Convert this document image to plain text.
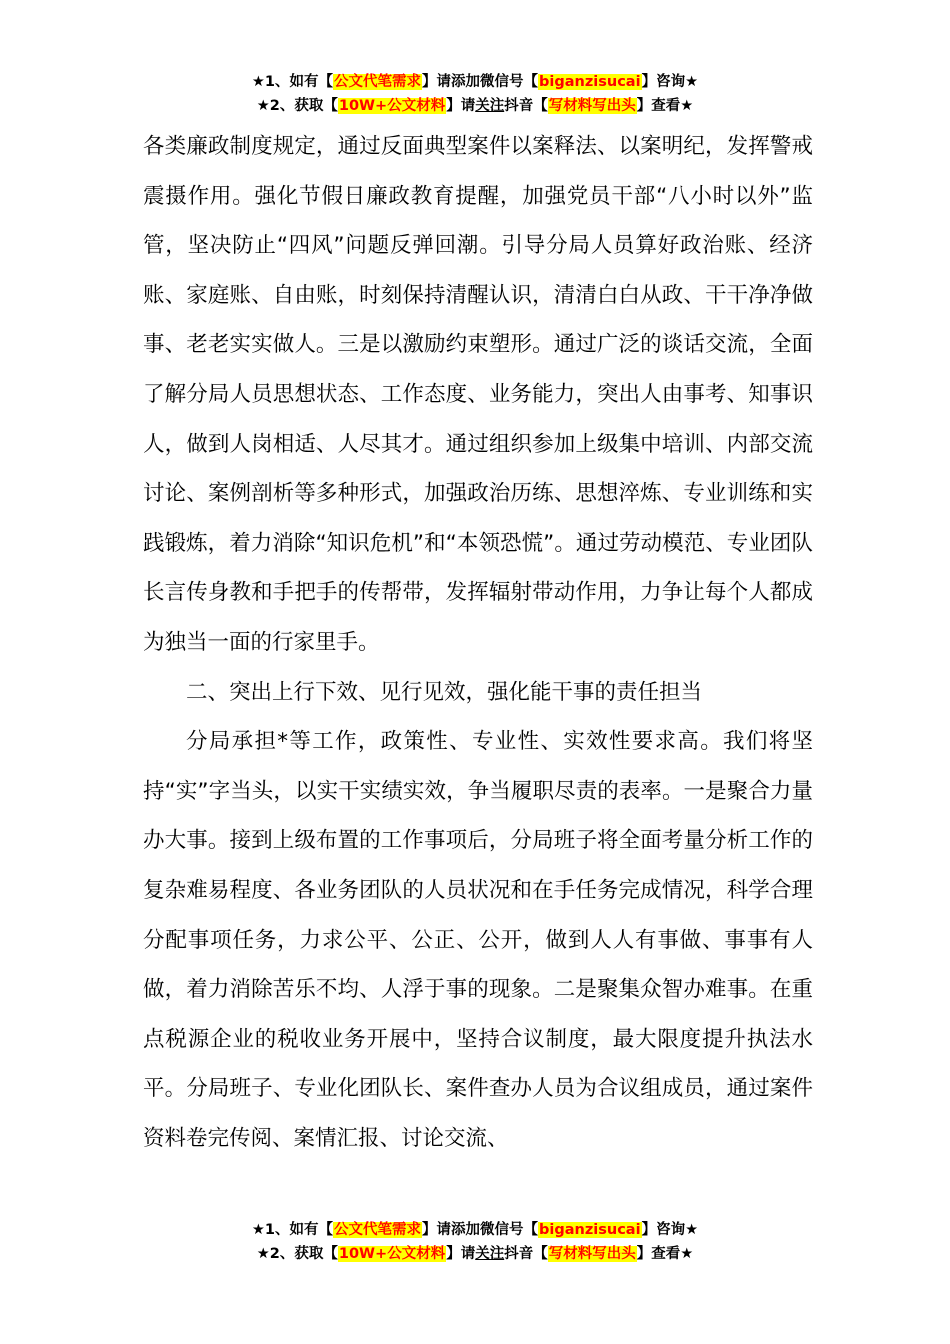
★1、如有【公文代笔需求】请添加微信号【biganzisucai】咨询★
★2、获取【10W+公文材料】请关注抖音【写材料写出头】查看★

各类廉政制度规定，通过反面典型案件以案释法、以案明纪，发挥警戒震摄作用。强化节假日廉政教育提醒，加强党员干部“八小时以外”监管，坚决防止“四风”问题反弹回潮。引导分局人员算好政治账、经济账、家庭账、自由账，时刻保持清醒认识，清清白白从政、干干净净做事、老老实实做人。三是以激励约束塑形。通过广泛的谈话交流，全面了解分局人员思想状态、工作态度、业务能力，突出人由事考、知事识人，做到人岗相适、人尽其才。通过组织参加上级集中培训、内部交流讨论、案例剖析等多种形式，加强政治历练、思想淬炼、专业训练和实践锻炼，着力消除“知识危机”和“本领恐慌”。通过劳动模范、专业团队长言传身教和手把手的传帮带，发挥辐射带动作用，力争让每个人都成为独当一面的行家里手。

二、突出上行下效、见行见效，强化能干事的责任担当

分局承担*等工作，政策性、专业性、实效性要求高。我们将坚持“实”字当头，以实干实绩实效，争当履职尽责的表率。一是聚合力量办大事。接到上级布置的工作事项后，分局班子将全面考量分析工作的复杂难易程度、各业务团队的人员状况和在手任务完成情况，科学合理分配事项任务，力求公平、公正、公开，做到人人有事做、事事有人做，着力消除苦乐不均、人浮于事的现象。二是聚集众智办难事。在重点税源企业的税收业务开展中，坚持合议制度，最大限度提升执法水平。分局班子、专业化团队长、案件查办人员为合议组成员，通过案件资料卷完传阅、案情汇报、讨论交流、

★1、如有【公文代笔需求】请添加微信号【biganzisucai】咨询★
★2、获取【10W+公文材料】请关注抖音【写材料写出头】查看★
